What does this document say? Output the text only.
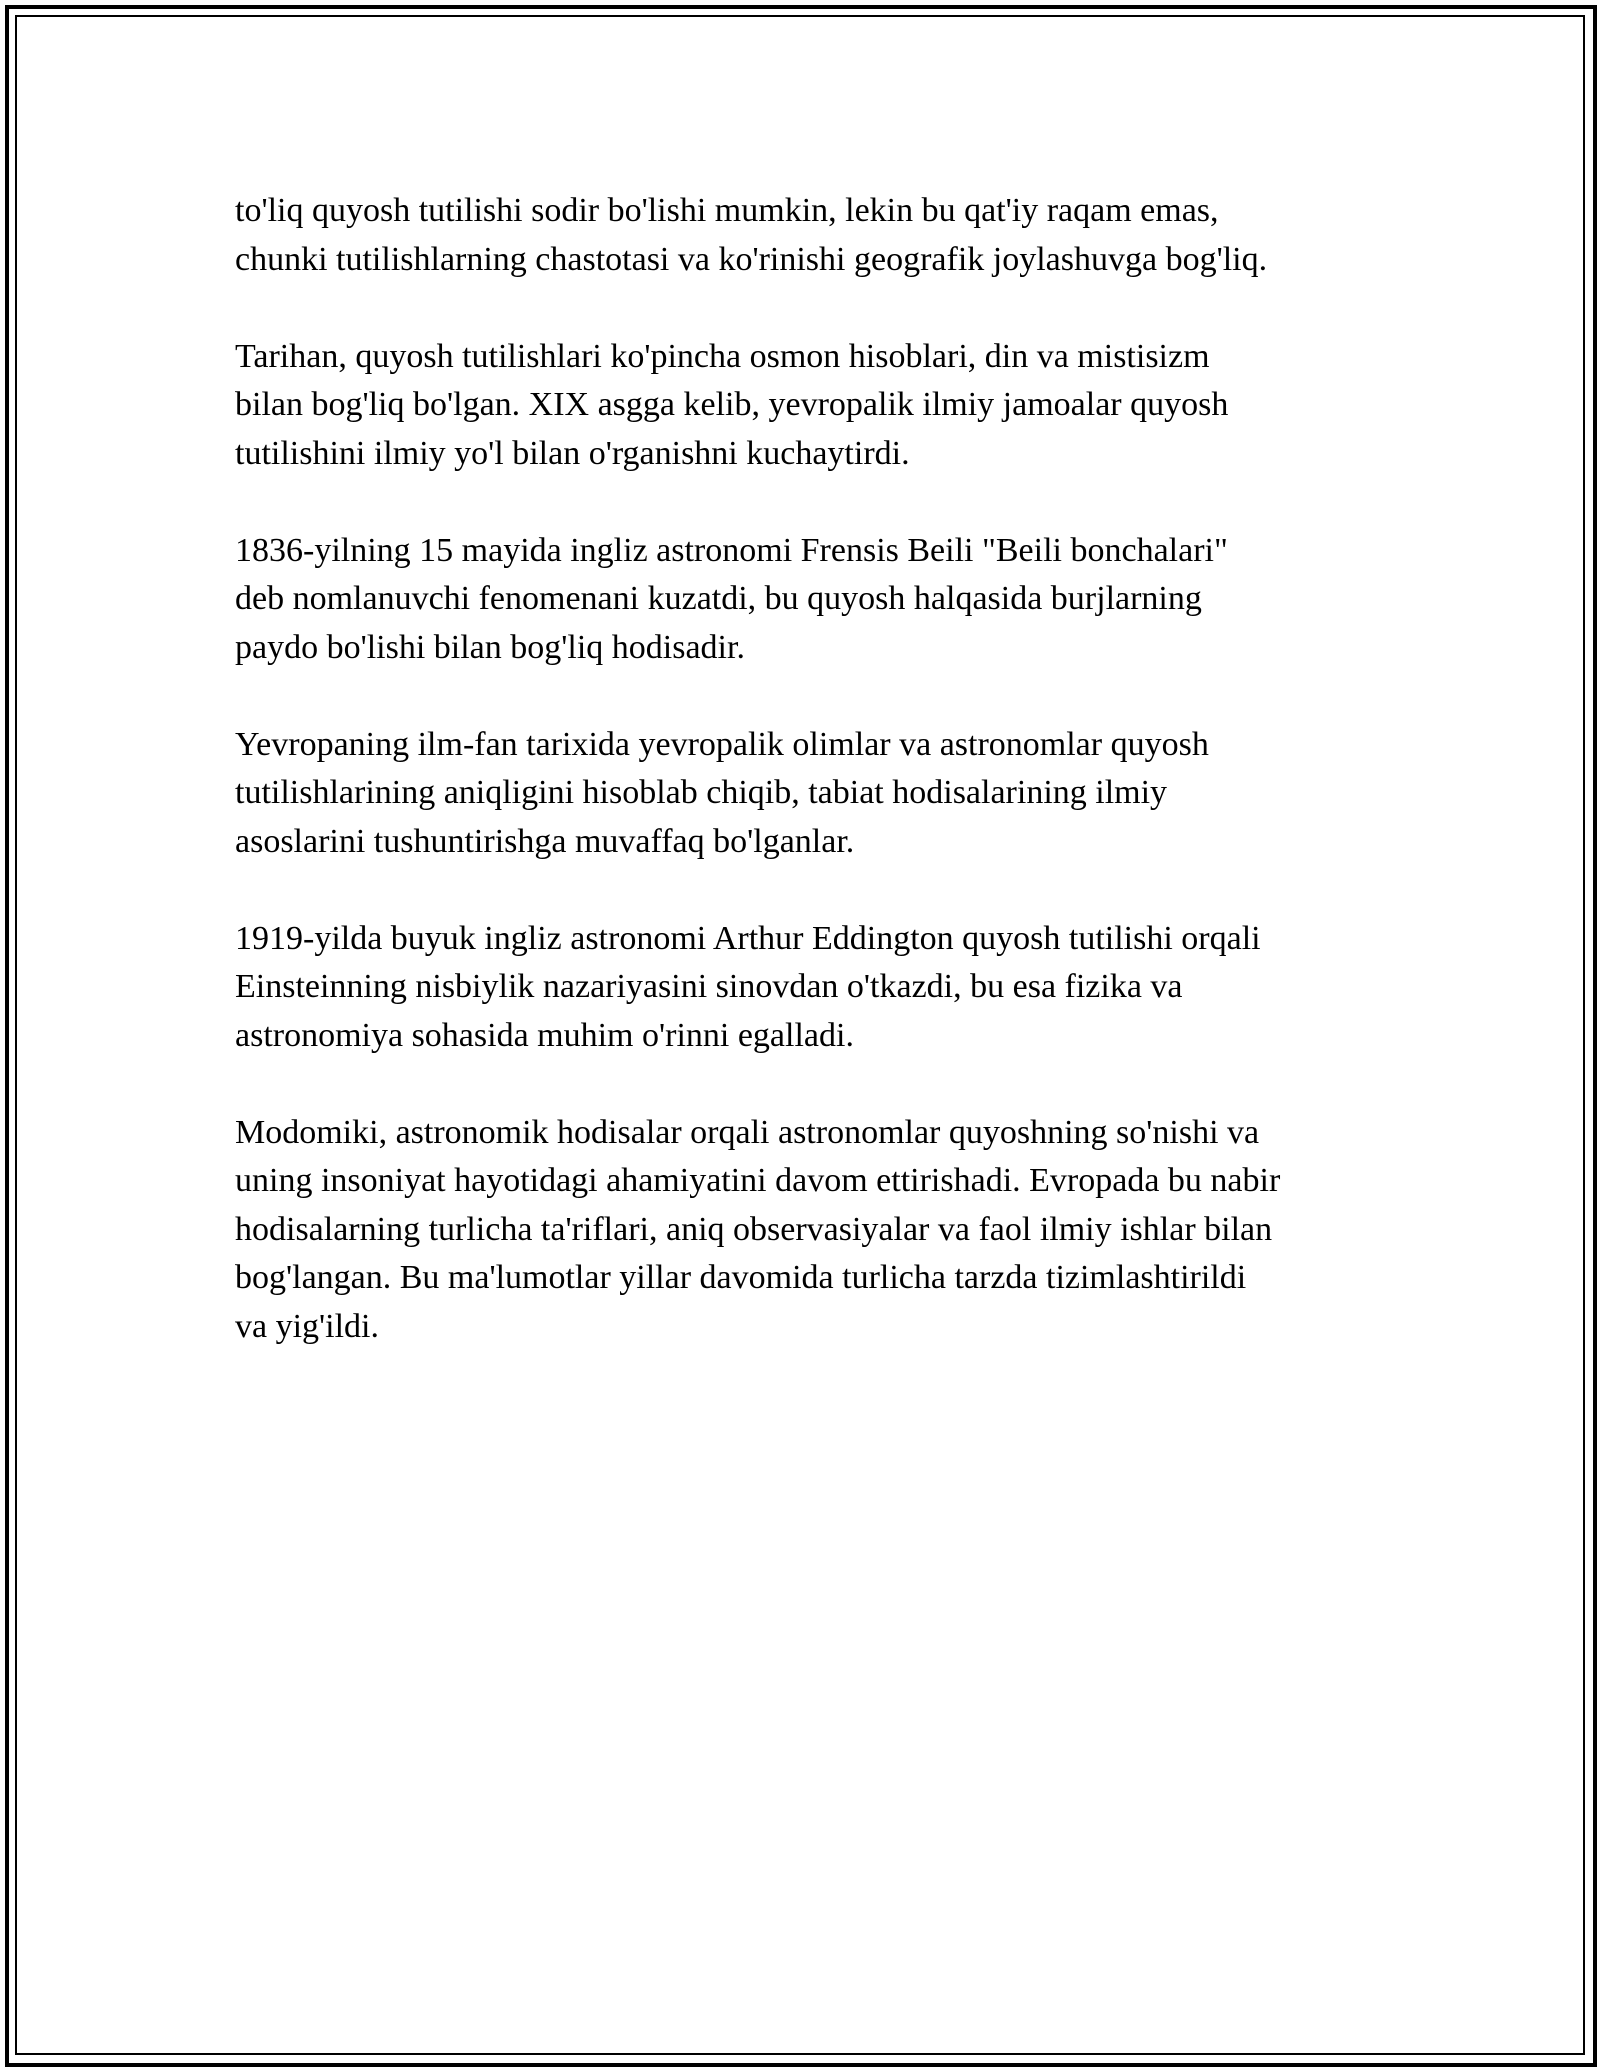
to'liq quyosh tutilishi sodir bo'lishi mumkin, lekin bu qat'iy raqam emas,
chunki tutilishlarning chastotasi va ko'rinishi geografik joylashuvga bog'liq.

Tarihan, quyosh tutilishlari ko'pincha osmon hisoblari, din va mistisizm
bilan bog'liq bo'lgan. XIX asgga kelib, yevropalik ilmiy jamoalar quyosh
tutilishini ilmiy yo'l bilan o'rganishni kuchaytirdi.

1836-yilning 15 mayida ingliz astronomi Frensis Beili "Beili bonchalari"
deb nomlanuvchi fenomenani kuzatdi, bu quyosh halqasida burjlarning
paydo bo'lishi bilan bog'liq hodisadir.

Yevropaning ilm-fan tarixida yevropalik olimlar va astronomlar quyosh
tutilishlarining aniqligini hisoblab chiqib, tabiat hodisalarining ilmiy
asoslarini tushuntirishga muvaffaq bo'lganlar.

1919-yilda buyuk ingliz astronomi Arthur Eddington quyosh tutilishi orqali
Einsteinning nisbiylik nazariyasini sinovdan o'tkazdi, bu esa fizika va
astronomiya sohasida muhim o'rinni egalladi.

Modomiki, astronomik hodisalar orqali astronomlar quyoshning so'nishi va
uning insoniyat hayotidagi ahamiyatini davom ettirishadi. Evropada bu nabir
hodisalarning turlicha ta'riflari, aniq observasiyalar va faol ilmiy ishlar bilan
bog'langan. Bu ma'lumotlar yillar davomida turlicha tarzda tizimlashtirildi
va yig'ildi.
